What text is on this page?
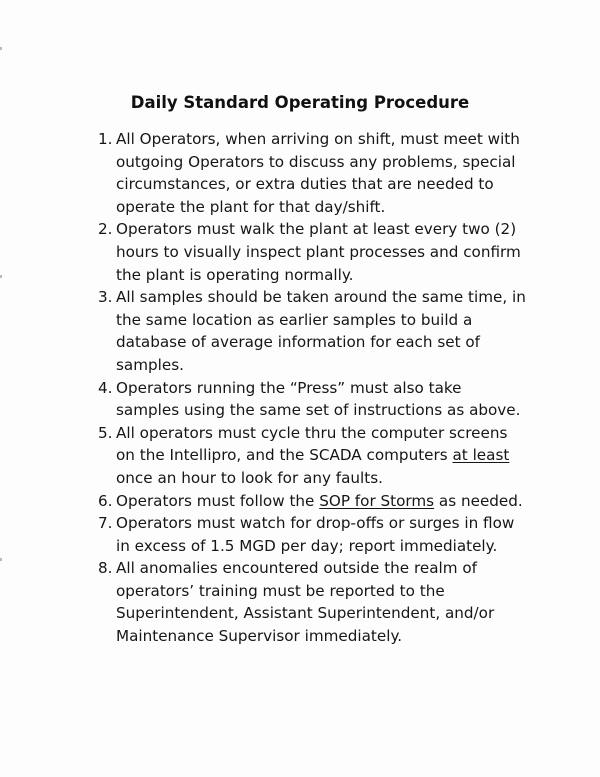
Daily Standard Operating Procedure
1. All Operators, when arriving on shift, must meet with outgoing Operators to discuss any problems, special circumstances, or extra duties that are needed to operate the plant for that day/shift.
2. Operators must walk the plant at least every two (2) hours to visually inspect plant processes and confirm the plant is operating normally.
3. All samples should be taken around the same time, in the same location as earlier samples to build a database of average information for each set of samples.
4. Operators running the “Press” must also take samples using the same set of instructions as above.
5. All operators must cycle thru the computer screens on the Intellipro, and the SCADA computers at least once an hour to look for any faults.
6. Operators must follow the SOP for Storms as needed.
7. Operators must watch for drop-offs or surges in flow in excess of 1.5 MGD per day; report immediately.
8. All anomalies encountered outside the realm of operators’ training must be reported to the Superintendent, Assistant Superintendent, and/or Maintenance Supervisor immediately.
